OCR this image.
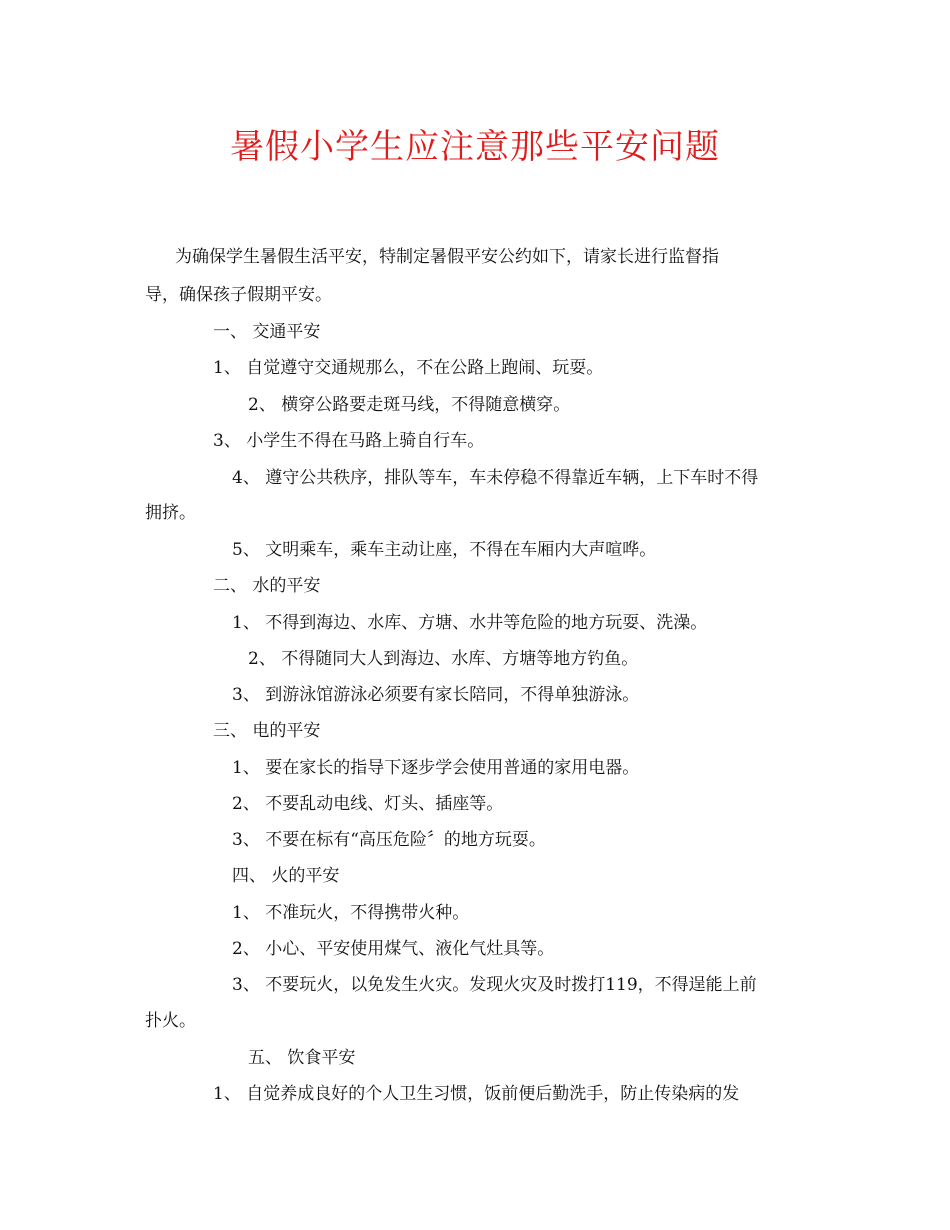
暑假小学生应注意那些平安问题
为确保学生暑假生活平安，特制定暑假平安公约如下，请家长进行监督指
导，确保孩子假期平安。
一、 交通平安
1、 自觉遵守交通规那么，不在公路上跑闹、玩耍。
2、 横穿公路要走斑马线，不得随意横穿。
3、 小学生不得在马路上骑自行车。
4、 遵守公共秩序，排队等车，车未停稳不得靠近车辆，上下车时不得
拥挤。
5、 文明乘车，乘车主动让座，不得在车厢内大声喧哗。
二、 水的平安
1、 不得到海边、水库、方塘、水井等危险的地方玩耍、洗澡。
2、 不得随同大人到海边、水库、方塘等地方钓鱼。
3、 到游泳馆游泳必须要有家长陪同，不得单独游泳。
三、 电的平安
1、 要在家长的指导下逐步学会使用普通的家用电器。
2、 不要乱动电线、灯头、插座等。
3、 不要在标有“高压危险〞的地方玩耍。
四、 火的平安
1、 不准玩火，不得携带火种。
2、 小心、平安使用煤气、液化气灶具等。
3、 不要玩火，以免发生火灾。发现火灾及时拨打119，不得逞能上前
扑火。
五、 饮食平安
1、 自觉养成良好的个人卫生习惯，饭前便后勤洗手，防止传染病的发
